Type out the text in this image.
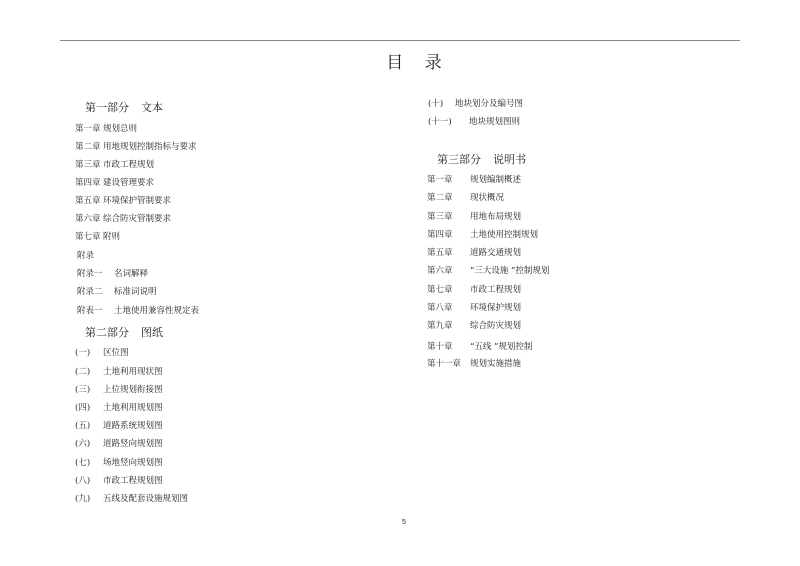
目 录
第一部分 文本
第二部分 图纸
第三部分 说明书
第一章 规划总则
第二章 用地规划控制指标与要求
第三章 市政工程规划
第四章 建设管理要求
第五章 环境保护管制要求
第六章 综合防灾管制要求
第七章 附则
附录
附录一 名词解释
附录二 标准词说明
附表一 土地使用兼容性规定表
(一) 区位图
(二) 土地利用现状图
(三) 上位规划衔接图
(四) 土地利用规划图
(五) 道路系统规划图
(六) 道路竖向规划图
(七) 场地竖向规划图
(八) 市政工程规划图
(九) 五线及配套设施规划图
(十) 地块划分及编号图
(十一) 地块规划图则
第一章 规划编制概述
第二章 现状概况
第三章 用地布局规划
第四章 土地使用控制规划
第五章 道路交通规划
第六章 “三大设施 ”控制规划
第七章 市政工程规划
第八章 环境保护规划
第九章 综合防灾规划
第十章 “五线 ”规划控制
第十一章 规划实施措施
5
